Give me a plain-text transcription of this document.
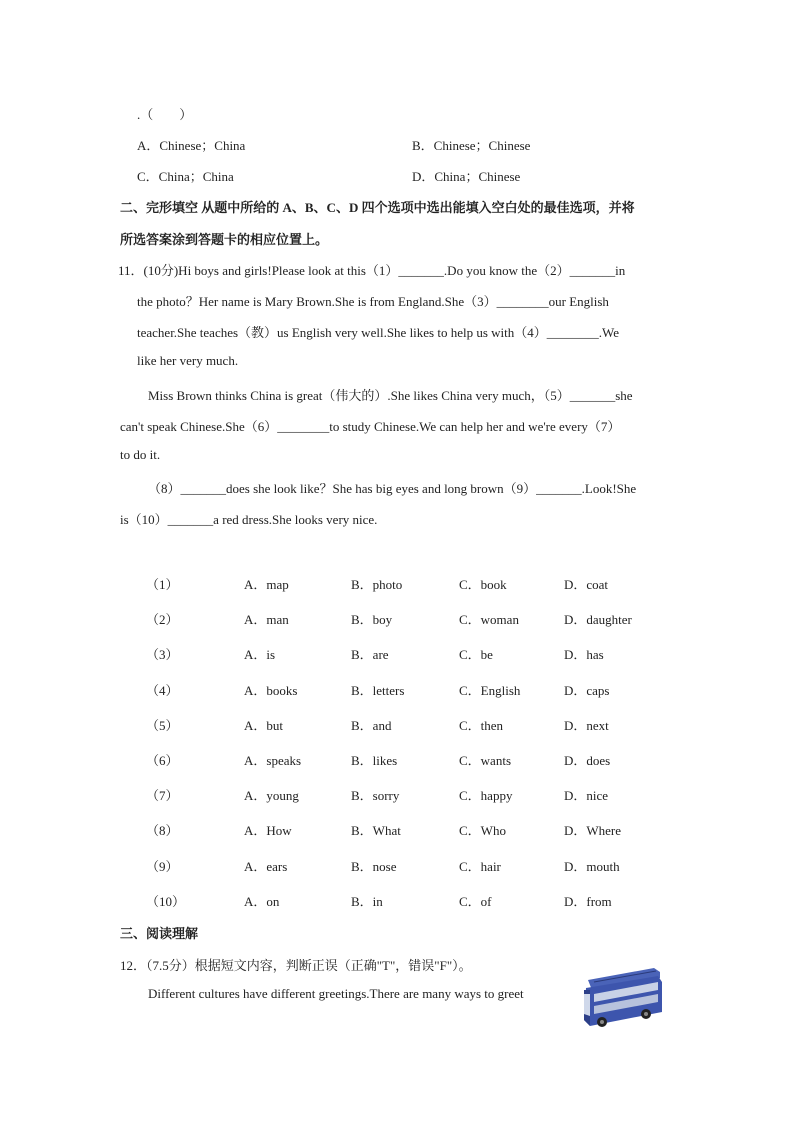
.（　　）
A．Chinese；China	B．Chinese；Chinese
C．China；China	D．China；Chinese
二、完形填空 从题中所给的 A、B、C、D 四个选项中选出能填入空白处的最佳选项，并将
所选答案涂到答题卡的相应位置上。
11．(10分)Hi boys and girls!Please look at this（1）_______.Do you know the（2）_______in
the photo？Her name is Mary Brown.She is from England.She（3）________our English
teacher.She teaches（教）us English very well.She likes to help us with（4）________.We
like her very much.
Miss Brown thinks China is great（伟大的）.She likes China very much，（5）_______she
can't speak Chinese.She（6）________to study Chinese.We can help her and we're every（7）
to do it.
（8）_______does she look like？She has big eyes and long brown（9）_______.Look!She
is（10）_______a red dress.She looks very nice.
（1）	A．map	B．photo	C．book	D．coat
（2）	A．man	B．boy	C．woman	D．daughter
（3）	A．is	B．are	C．be	D．has
（4）	A．books	B．letters	C．English	D．caps
（5）	A．but	B．and	C．then	D．next
（6）	A．speaks	B．likes	C．wants	D．does
（7）	A．young	B．sorry	C．happy	D．nice
（8）	A．How	B．What	C．Who	D．Where
（9）	A．ears	B．nose	C．hair	D．mouth
（10）	A．on	B．in	C．of	D．from
三、阅读理解
12．（7.5分）根据短文内容，判断正误（正确"T"，错误"F"）。
Different cultures have different greetings.There are many ways to greet
